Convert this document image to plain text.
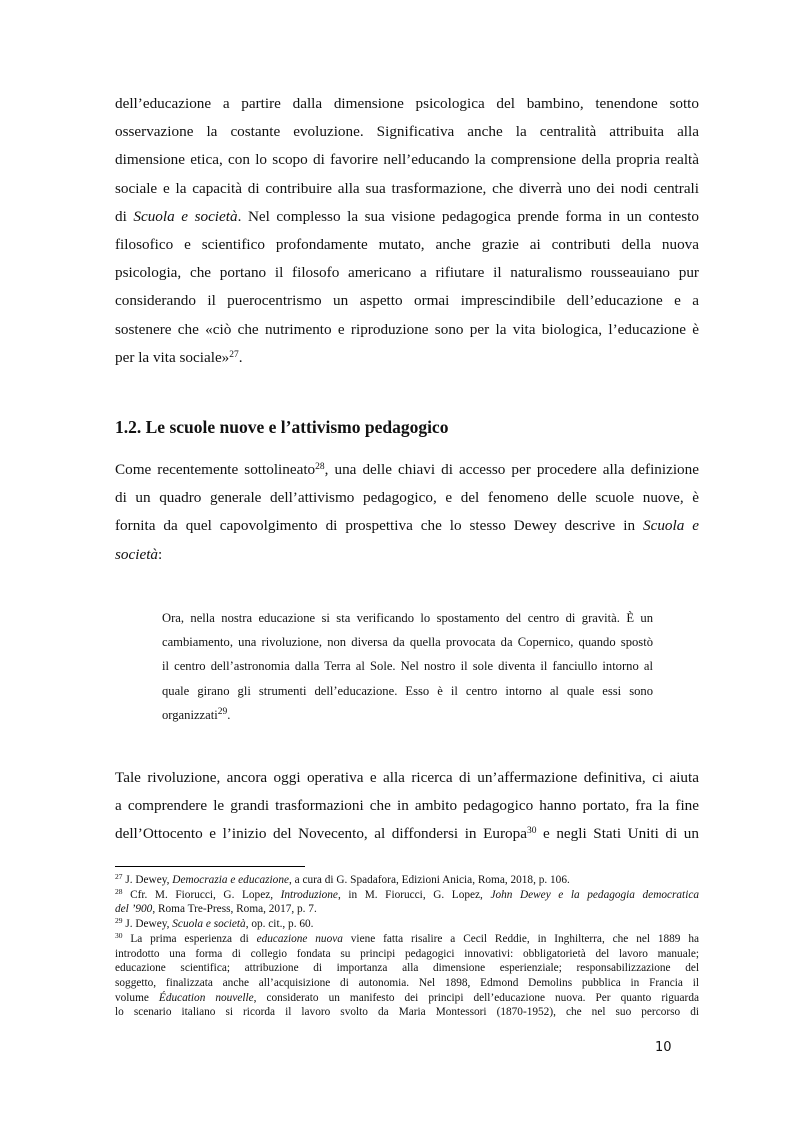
dell’educazione a partire dalla dimensione psicologica del bambino, tenendone sotto

osservazione la costante evoluzione. Significativa anche la centralità attribuita alla

dimensione etica, con lo scopo di favorire nell’educando la comprensione della propria realtà

sociale e la capacità di contribuire alla sua trasformazione, che diverrà uno dei nodi centrali

di Scuola e società. Nel complesso la sua visione pedagogica prende forma in un contesto

filosofico e scientifico profondamente mutato, anche grazie ai contributi della nuova

psicologia, che portano il filosofo americano a rifiutare il naturalismo rousseauiano pur

considerando il puerocentrismo un aspetto ormai imprescindibile dell’educazione e a

sostenere che «ciò che nutrimento e riproduzione sono per la vita biologica, l’educazione è

per la vita sociale»$^{27}$.

1.2. Le scuole nuove e l’attivismo pedagogico

Come recentemente sottolineato$^{28}$, una delle chiavi di accesso per procedere alla definizione

di un quadro generale dell’attivismo pedagogico, e del fenomeno delle scuole nuove, è

fornita da quel capovolgimento di prospettiva che lo stesso Dewey descrive in Scuola e

società:

Ora, nella nostra educazione si sta verificando lo spostamento del centro di gravità. È un

cambiamento, una rivoluzione, non diversa da quella provocata da Copernico, quando spostò

il centro dell’astronomia dalla Terra al Sole. Nel nostro il sole diventa il fanciullo intorno al

quale girano gli strumenti dell’educazione. Esso è il centro intorno al quale essi sono

organizzati$^{29}$.

Tale rivoluzione, ancora oggi operativa e alla ricerca di un’affermazione definitiva, ci aiuta

a comprendere le grandi trasformazioni che in ambito pedagogico hanno portato, fra la fine

dell’Ottocento e l’inizio del Novecento, al diffondersi in Europa$^{30}$ e negli Stati Uniti di un

$^{27}$ J. Dewey, Democrazia e educazione, a cura di G. Spadafora, Edizioni Anicia, Roma, 2018, p. 106.

$^{28}$ Cfr. M. Fiorucci, G. Lopez, Introduzione, in M. Fiorucci, G. Lopez, John Dewey e la pedagogia democratica

del ’900, Roma Tre-Press, Roma, 2017, p. 7.

$^{29}$ J. Dewey, Scuola e società, op. cit., p. 60.

$^{30}$ La prima esperienza di educazione nuova viene fatta risalire a Cecil Reddie, in Inghilterra, che nel 1889 ha

introdotto una forma di collegio fondata su principi pedagogici innovativi: obbligatorietà del lavoro manuale;

educazione scientifica; attribuzione di importanza alla dimensione esperienziale; responsabilizzazione del

soggetto, finalizzata anche all’acquisizione di autonomia. Nel 1898, Edmond Demolins pubblica in Francia il

volume Éducation nouvelle, considerato un manifesto dei principi dell’educazione nuova. Per quanto riguarda

lo scenario italiano si ricorda il lavoro svolto da Maria Montessori (1870-1952), che nel suo percorso di

10
